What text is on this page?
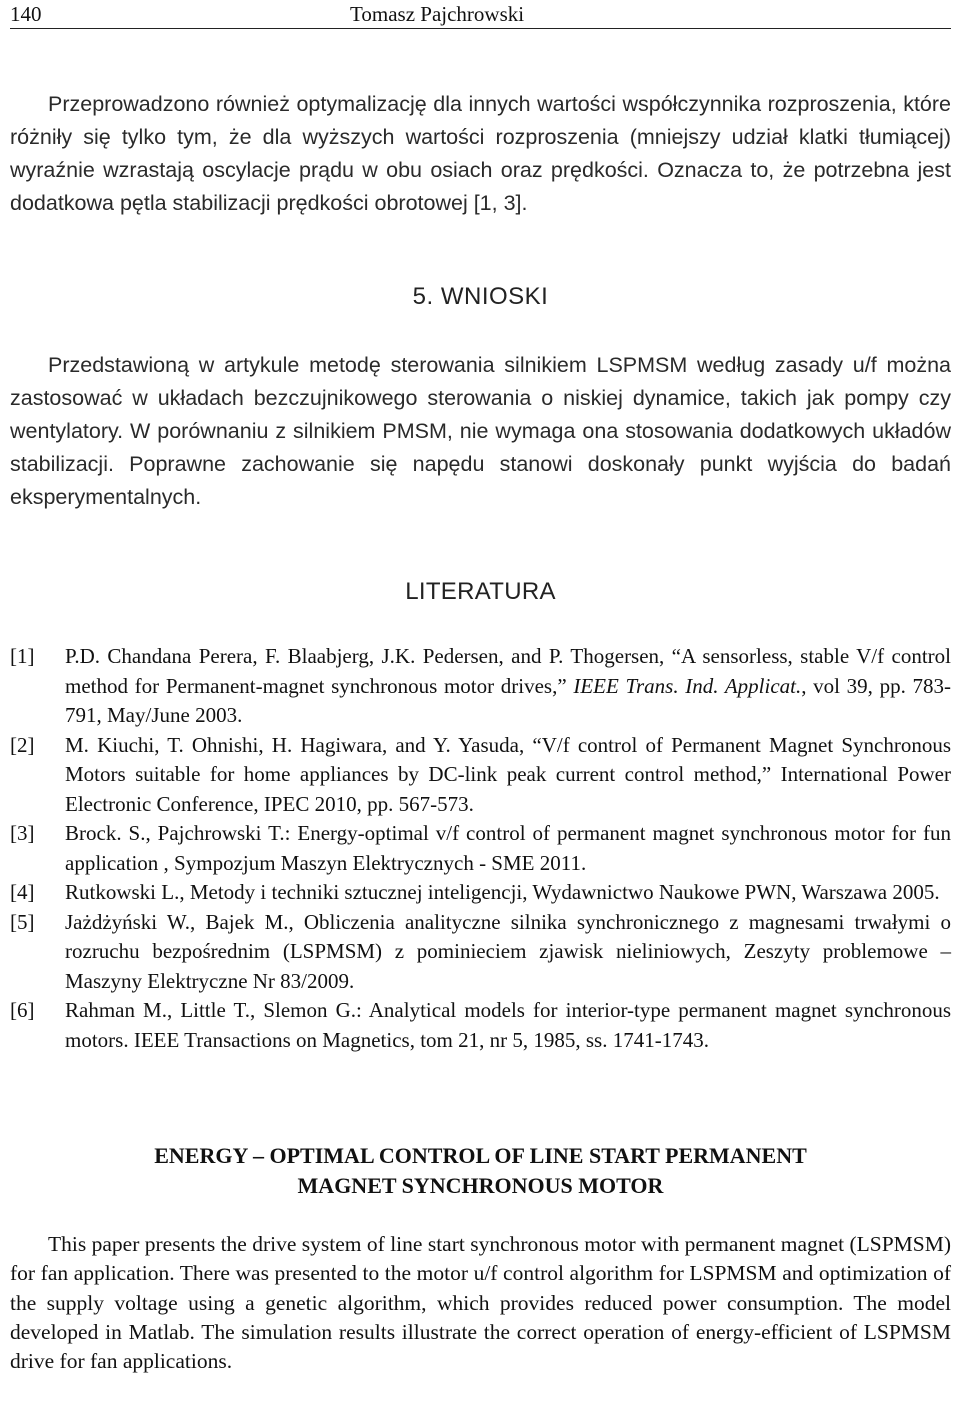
140	Tomasz Pajchrowski

Przeprowadzono również optymalizację dla innych wartości współczynnika rozproszenia, które różniły się tylko tym, że dla wyższych wartości rozproszenia (mniejszy udział klatki tłumiącej) wyraźnie wzrastają oscylacje prądu w obu osiach oraz prędkości. Oznacza to, że potrzebna jest dodatkowa pętla stabilizacji prędkości obrotowej [1, 3].

5. WNIOSKI

Przedstawioną w artykule metodę sterowania silnikiem LSPMSM według zasady u/f można zastosować w układach bezczujnikowego sterowania o niskiej dynamice, takich jak pompy czy wentylatory. W porównaniu z silnikiem PMSM, nie wymaga ona stosowania dodatkowych układów stabilizacji. Poprawne zachowanie się napędu stanowi doskonały punkt wyjścia do badań eksperymentalnych.

LITERATURA
[1] P.D. Chandana Perera, F. Blaabjerg, J.K. Pedersen, and P. Thogersen, “A sensorless, stable V/f control method for Permanent-magnet synchronous motor drives,” IEEE Trans. Ind. Applicat., vol 39, pp. 783-791, May/June 2003.
[2] M. Kiuchi, T. Ohnishi, H. Hagiwara, and Y. Yasuda, “V/f control of Permanent Magnet Synchronous Motors suitable for home appliances by DC-link peak current control method,” International Power Electronic Conference, IPEC 2010, pp. 567-573.
[3] Brock. S., Pajchrowski T.: Energy-optimal v/f control of permanent magnet synchronous motor for fun application , Sympozjum Maszyn Elektrycznych - SME 2011.
[4] Rutkowski L., Metody i techniki sztucznej inteligencji, Wydawnictwo Naukowe PWN, Warszawa 2005.
[5] Jażdżyński W., Bajek M., Obliczenia analityczne silnika synchronicznego z magnesami trwałymi o rozruchu bezpośrednim (LSPMSM) z pominieciem zjawisk nieliniowych, Zeszyty problemowe – Maszyny Elektryczne Nr 83/2009.
[6] Rahman M., Little T., Slemon G.: Analytical models for interior-type permanent magnet synchronous motors. IEEE Transactions on Magnetics, tom 21, nr 5, 1985, ss. 1741-1743.
ENERGY – OPTIMAL CONTROL OF LINE START PERMANENT
MAGNET SYNCHRONOUS MOTOR

This paper presents the drive system of line start synchronous motor with permanent magnet (LSPMSM) for fan application. There was presented to the motor u/f control algorithm for LSPMSM and optimization of the supply voltage using a genetic algorithm, which provides reduced power consumption. The model developed in Matlab. The simulation results illustrate the correct operation of energy-efficient of LSPMSM drive for fan applications.
